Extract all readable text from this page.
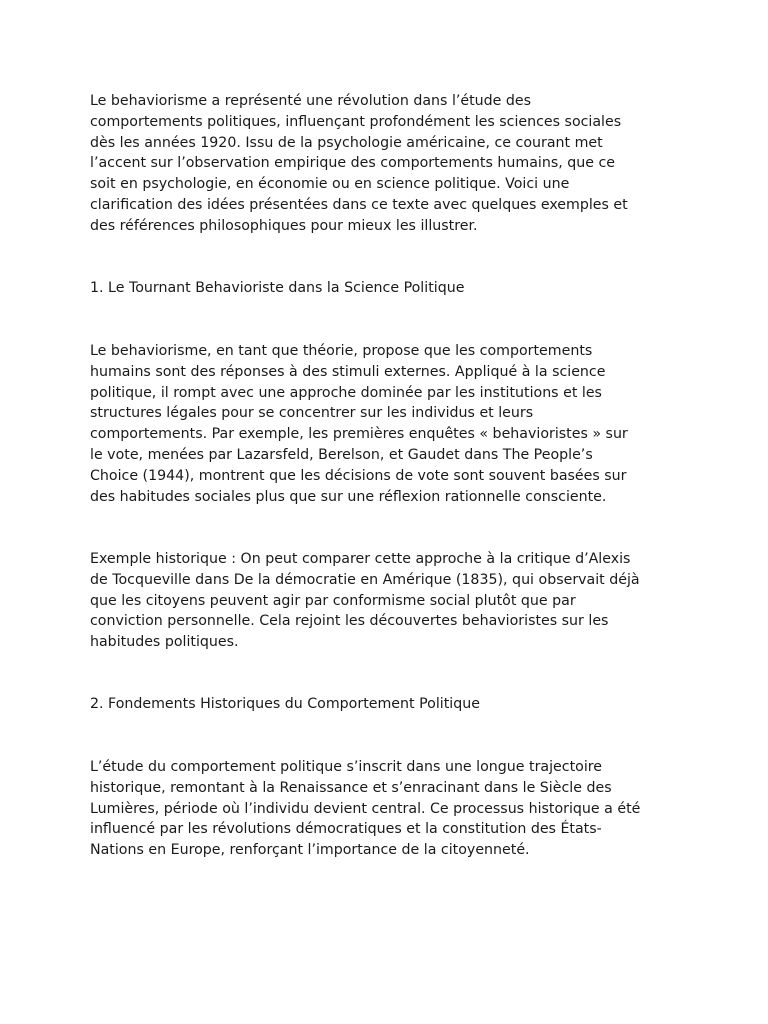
Le behaviorisme a représenté une révolution dans l’étude des
comportements politiques, influençant profondément les sciences sociales
dès les années 1920. Issu de la psychologie américaine, ce courant met
l’accent sur l’observation empirique des comportements humains, que ce
soit en psychologie, en économie ou en science politique. Voici une
clarification des idées présentées dans ce texte avec quelques exemples et
des références philosophiques pour mieux les illustrer.

1. Le Tournant Behavioriste dans la Science Politique

Le behaviorisme, en tant que théorie, propose que les comportements
humains sont des réponses à des stimuli externes. Appliqué à la science
politique, il rompt avec une approche dominée par les institutions et les
structures légales pour se concentrer sur les individus et leurs
comportements. Par exemple, les premières enquêtes « behavioristes » sur
le vote, menées par Lazarsfeld, Berelson, et Gaudet dans The People’s
Choice (1944), montrent que les décisions de vote sont souvent basées sur
des habitudes sociales plus que sur une réflexion rationnelle consciente.

Exemple historique : On peut comparer cette approche à la critique d’Alexis
de Tocqueville dans De la démocratie en Amérique (1835), qui observait déjà
que les citoyens peuvent agir par conformisme social plutôt que par
conviction personnelle. Cela rejoint les découvertes behavioristes sur les
habitudes politiques.

2. Fondements Historiques du Comportement Politique

L’étude du comportement politique s’inscrit dans une longue trajectoire
historique, remontant à la Renaissance et s’enracinant dans le Siècle des
Lumières, période où l’individu devient central. Ce processus historique a été
influencé par les révolutions démocratiques et la constitution des États-
Nations en Europe, renforçant l’importance de la citoyenneté.
